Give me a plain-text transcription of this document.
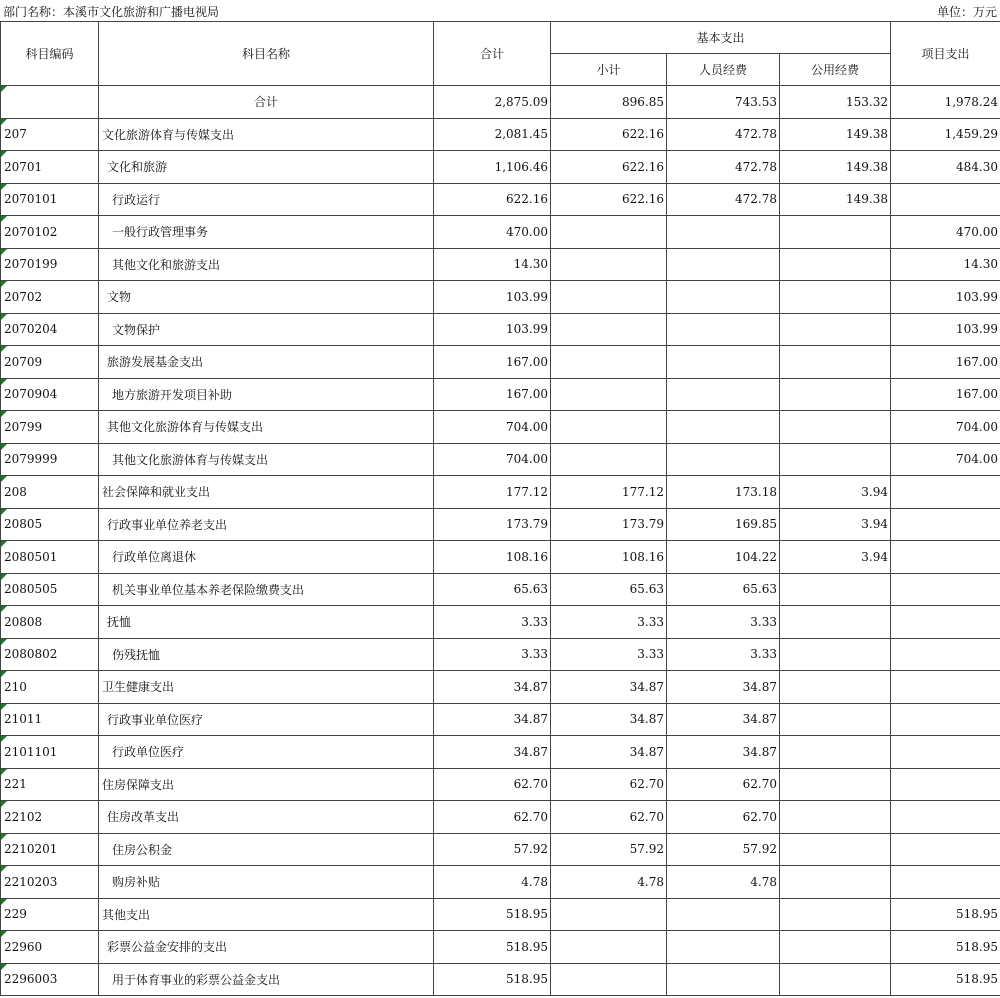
部门名称：本溪市文化旅游和广播电视局	单位：万元
科目编码	科目名称	合计	基本支出			项目支出
			小计	人员经费	公用经费	
	合计	2,875.09	896.85	743.53	153.32	1,978.24
207	文化旅游体育与传媒支出	2,081.45	622.16	472.78	149.38	1,459.29
20701	文化和旅游	1,106.46	622.16	472.78	149.38	484.30
2070101	行政运行	622.16	622.16	472.78	149.38	
2070102	一般行政管理事务	470.00				470.00
2070199	其他文化和旅游支出	14.30				14.30
20702	文物	103.99				103.99
2070204	文物保护	103.99				103.99
20709	旅游发展基金支出	167.00				167.00
2070904	地方旅游开发项目补助	167.00				167.00
20799	其他文化旅游体育与传媒支出	704.00				704.00
2079999	其他文化旅游体育与传媒支出	704.00				704.00
208	社会保障和就业支出	177.12	177.12	173.18	3.94	
20805	行政事业单位养老支出	173.79	173.79	169.85	3.94	
2080501	行政单位离退休	108.16	108.16	104.22	3.94	
2080505	机关事业单位基本养老保险缴费支出	65.63	65.63	65.63		
20808	抚恤	3.33	3.33	3.33		
2080802	伤残抚恤	3.33	3.33	3.33		
210	卫生健康支出	34.87	34.87	34.87		
21011	行政事业单位医疗	34.87	34.87	34.87		
2101101	行政单位医疗	34.87	34.87	34.87		
221	住房保障支出	62.70	62.70	62.70		
22102	住房改革支出	62.70	62.70	62.70		
2210201	住房公积金	57.92	57.92	57.92		
2210203	购房补贴	4.78	4.78	4.78		
229	其他支出	518.95				518.95
22960	彩票公益金安排的支出	518.95				518.95
2296003	用于体育事业的彩票公益金支出	518.95				518.95
